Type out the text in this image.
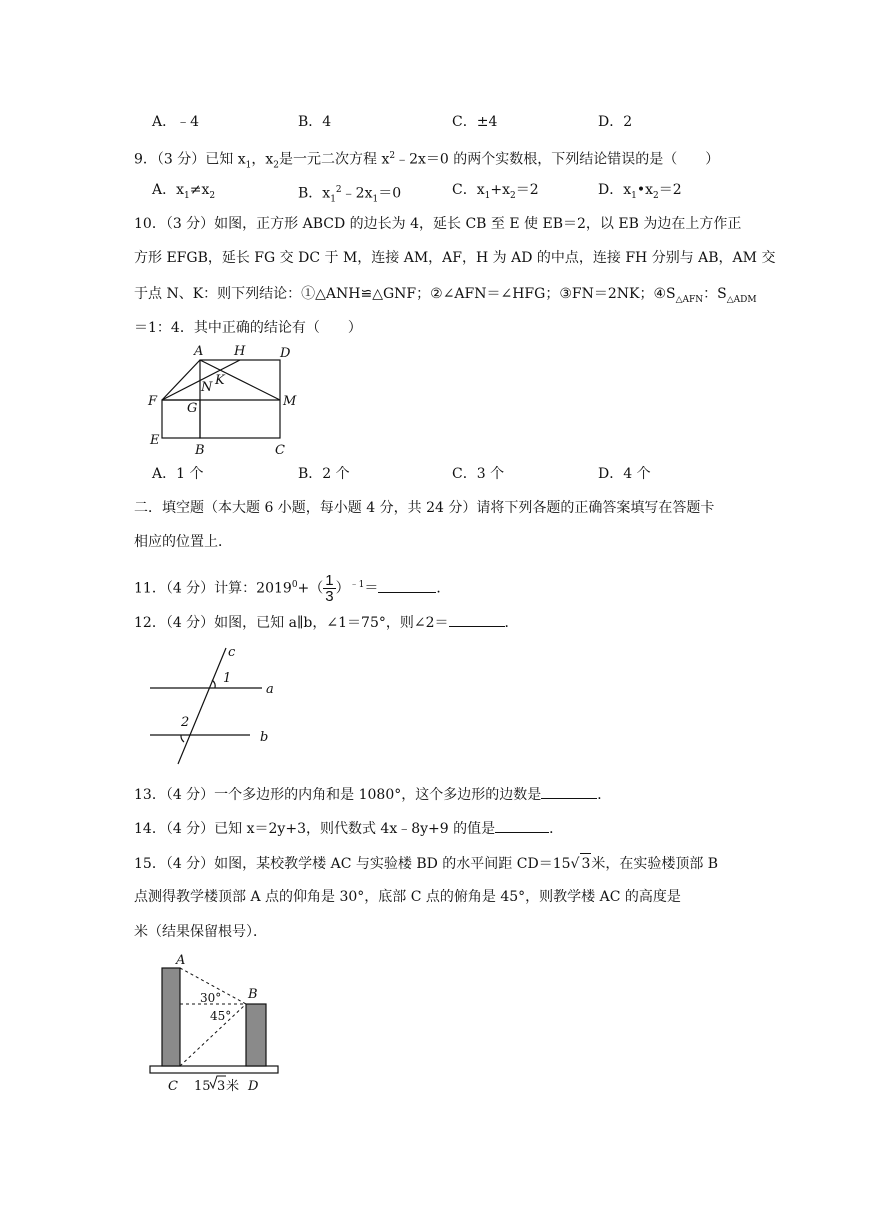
A．﹣4	B．4	C．±4	D．2
9．（3 分）已知 $x_1$，$x_2$是一元二次方程 $x^2﹣2x=0$ 的两个实数根，下列结论错误的是（　　）
A．$x_1\ne x_2$	B．$x_1^2﹣2x_1=0$	C．$x_1+x_2=2$	D．$x_1•x_2=2$
10．（3 分）如图，正方形 ABCD 的边长为 4，延长 CB 至 E 使 EB＝2，以 EB 为边在上方作正
方形 EFGB，延长 FG 交 DC 于 M，连接 AM，AF，H 为 AD 的中点，连接 FH 分别与 AB，AM 交
于点 N、K：则下列结论：①△ANH≌△GNF；②∠AFN＝∠HFG；③FN＝2NK；$④S_{\triangle AFN}$：$S_{\triangle ADM}$
＝1：4．其中正确的结论有（　　）
A H	D
N K
F G	M
E
B	C
A．1 个	B．2 个	C．3 个	D．4 个
二．填空题（本大题 6 小题，每小题 4 分，共 24 分）请将下列各题的正确答案填写在答题卡
相应的位置上．
11．（4 分）计算：$2019^0+( \frac{1}{3} )^{﹣1}=$	．
12．（4 分）如图，已知 a∥b，∠1＝75°，则∠2＝	．
c
1
a
2
b
13．（4 分）一个多边形的内角和是 1080°，这个多边形的边数是	．
14．（4 分）已知 x＝2y+3，则代数式 4x﹣8y+9 的值是	．
15．（4 分）如图，某校教学楼 AC 与实验楼 BD 的水平间距 CD＝15√ 3米，在实验楼顶部 B
点测得教学楼顶部 A 点的仰角是 30°，底部 C 点的俯角是 45°，则教学楼 AC 的高度是
米（结果保留根号）．
A
B
30°
45°
C 15 3 米 D
